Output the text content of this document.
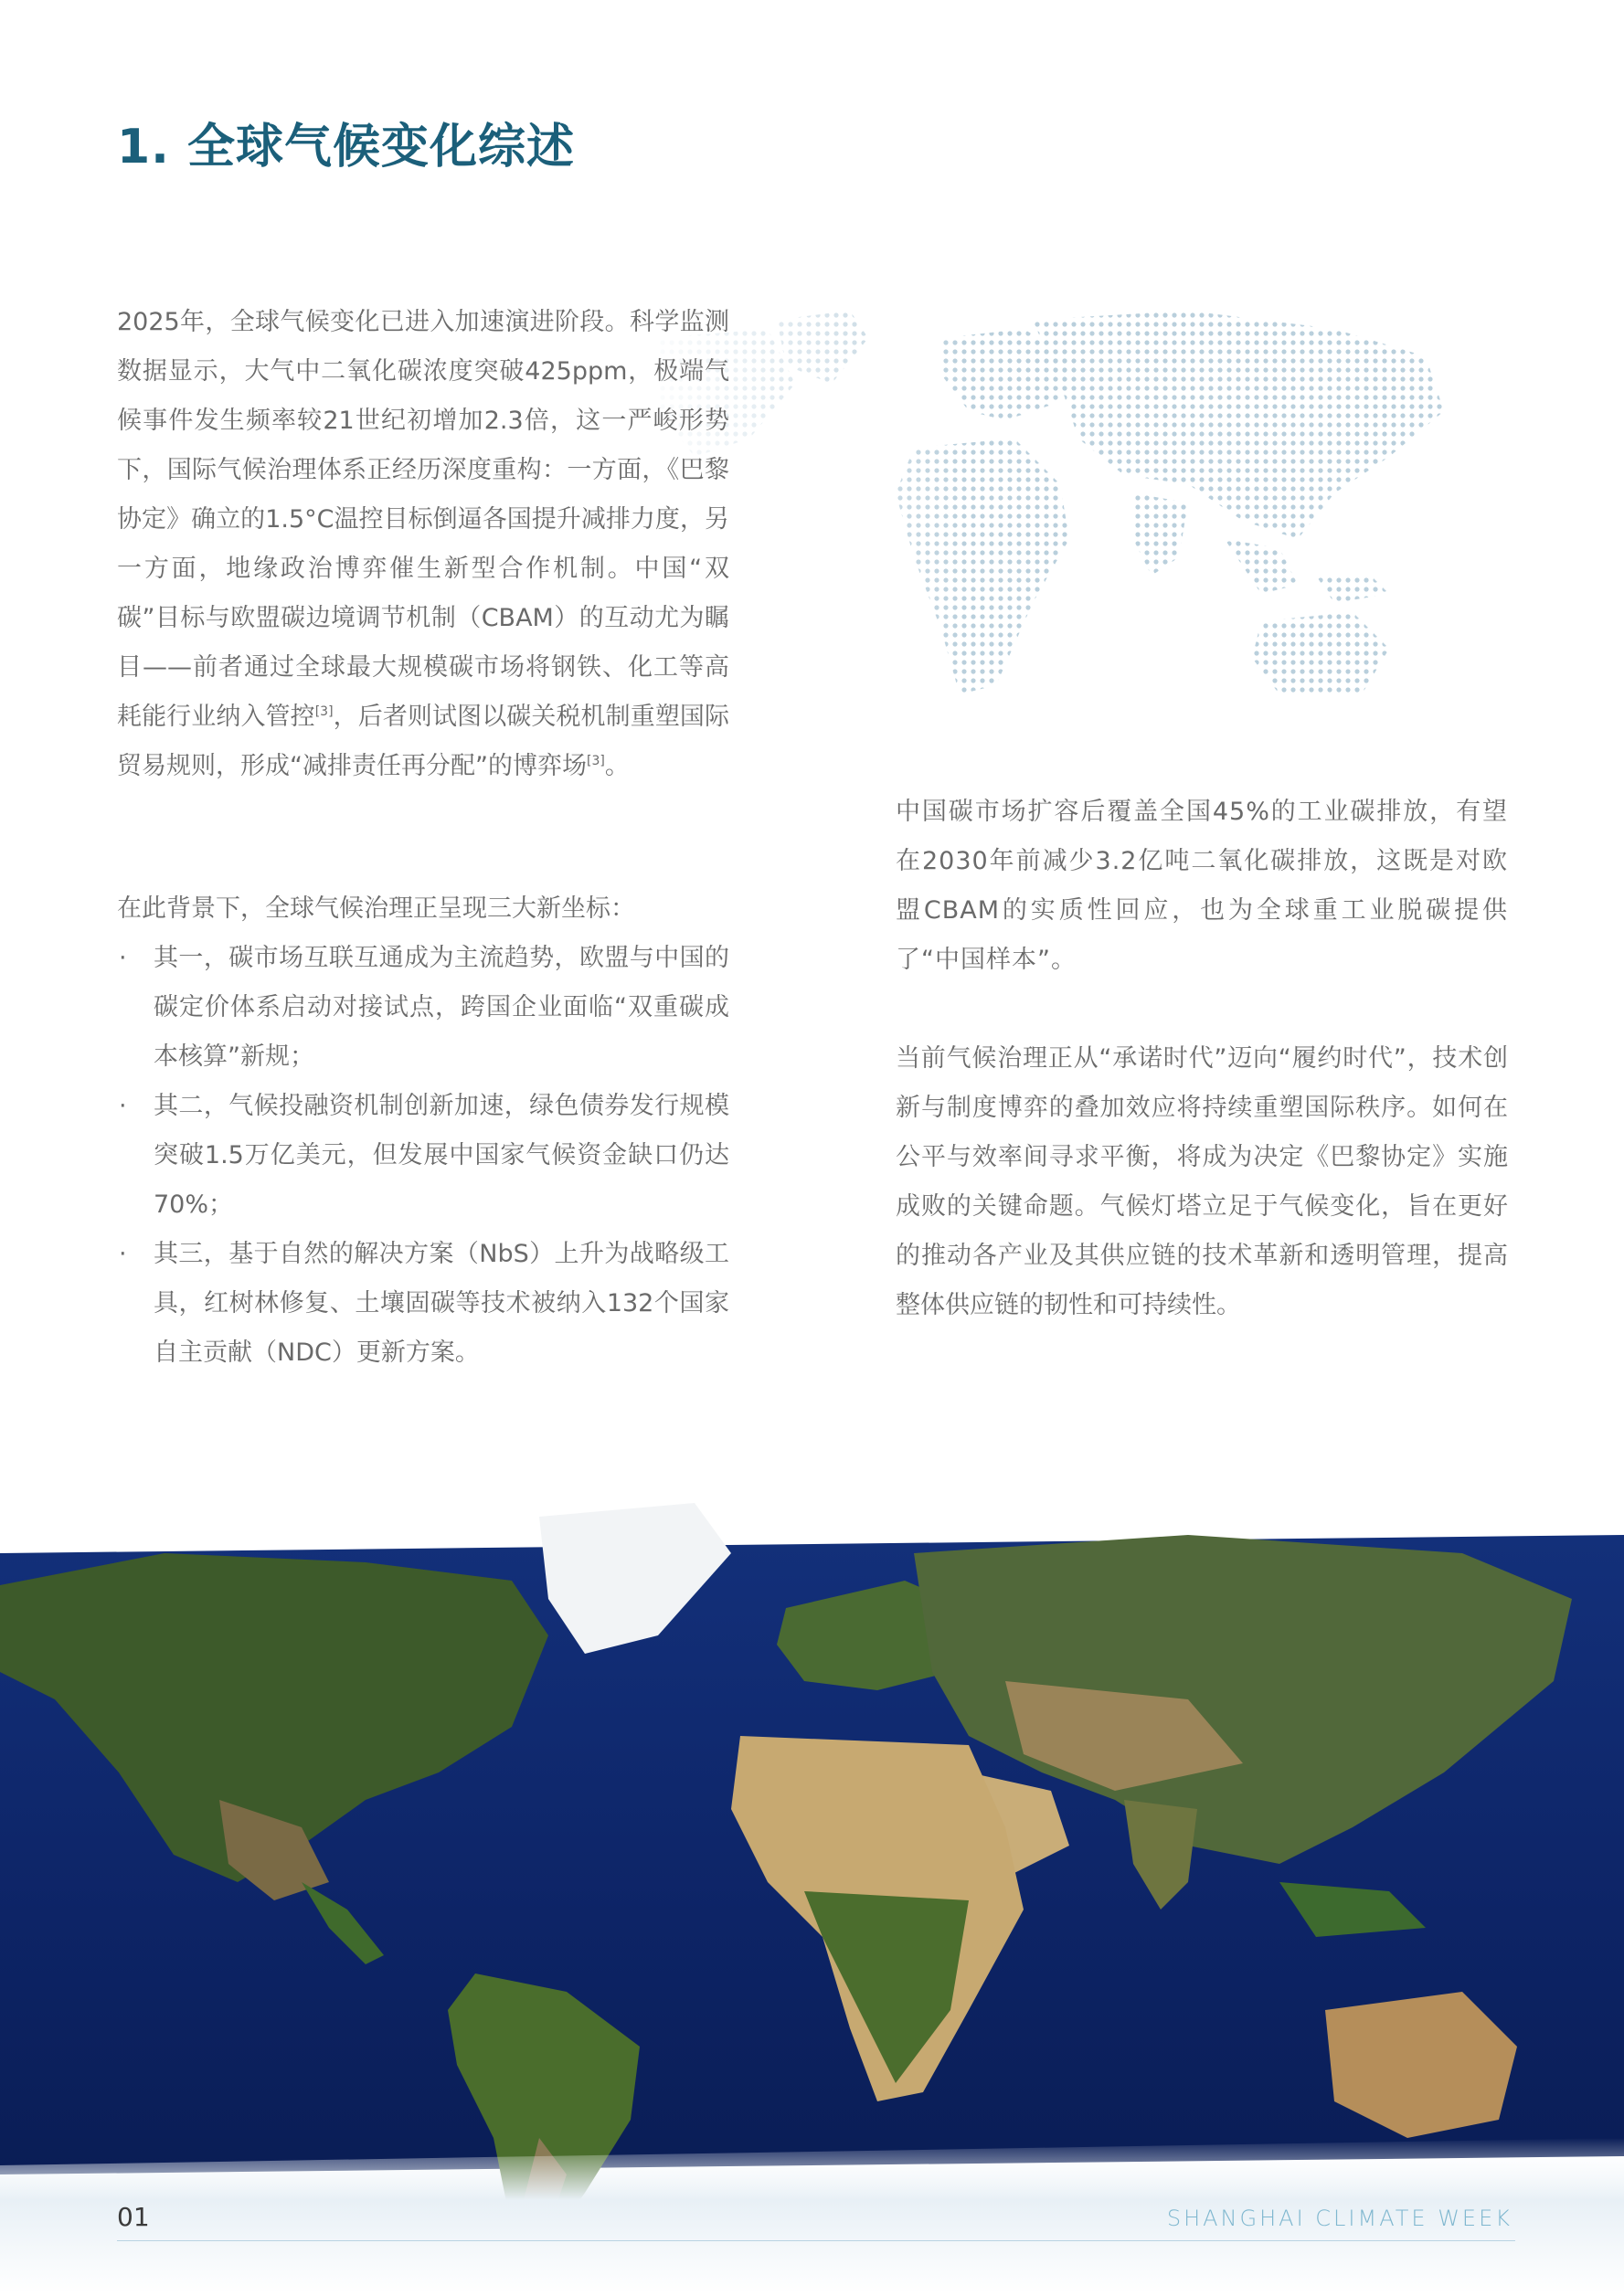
1. 全球气候变化综述

2025年，全球气候变化已进入加速演进阶段。科学监测数据显示，大气中二氧化碳浓度突破425ppm，极端气候事件发生频率较21世纪初增加2.3倍，这一严峻形势下，国际气候治理体系正经历深度重构：一方面，《巴黎协定》确立的1.5°C温控目标倒逼各国提升减排力度，另一方面，地缘政治博弈催生新型合作机制。中国“双碳”目标与欧盟碳边境调节机制（CBAM）的互动尤为瞩目——前者通过全球最大规模碳市场将钢铁、化工等高耗能行业纳入管控[3]，后者则试图以碳关税机制重塑国际贸易规则，形成“减排责任再分配”的博弈场[3]。

在此背景下，全球气候治理正呈现三大新坐标：

· 其一，碳市场互联互通成为主流趋势，欧盟与中国的碳定价体系启动对接试点，跨国企业面临“双重碳成本核算”新规；
· 其二，气候投融资机制创新加速，绿色债券发行规模突破1.5万亿美元，但发展中国家气候资金缺口仍达70%；
· 其三，基于自然的解决方案（NbS）上升为战略级工具，红树林修复、土壤固碳等技术被纳入132个国家自主贡献（NDC）更新方案。

中国碳市场扩容后覆盖全国45%的工业碳排放，有望在2030年前减少3.2亿吨二氧化碳排放，这既是对欧盟CBAM的实质性回应，也为全球重工业脱碳提供了“中国样本”。

当前气候治理正从“承诺时代”迈向“履约时代”，技术创新与制度博弈的叠加效应将持续重塑国际秩序。如何在公平与效率间寻求平衡，将成为决定《巴黎协定》实施成败的关键命题。气候灯塔立足于气候变化，旨在更好的推动各产业及其供应链的技术革新和透明管理，提高整体供应链的韧性和可持续性。

01	SHANGHAI CLIMATE WEEK
